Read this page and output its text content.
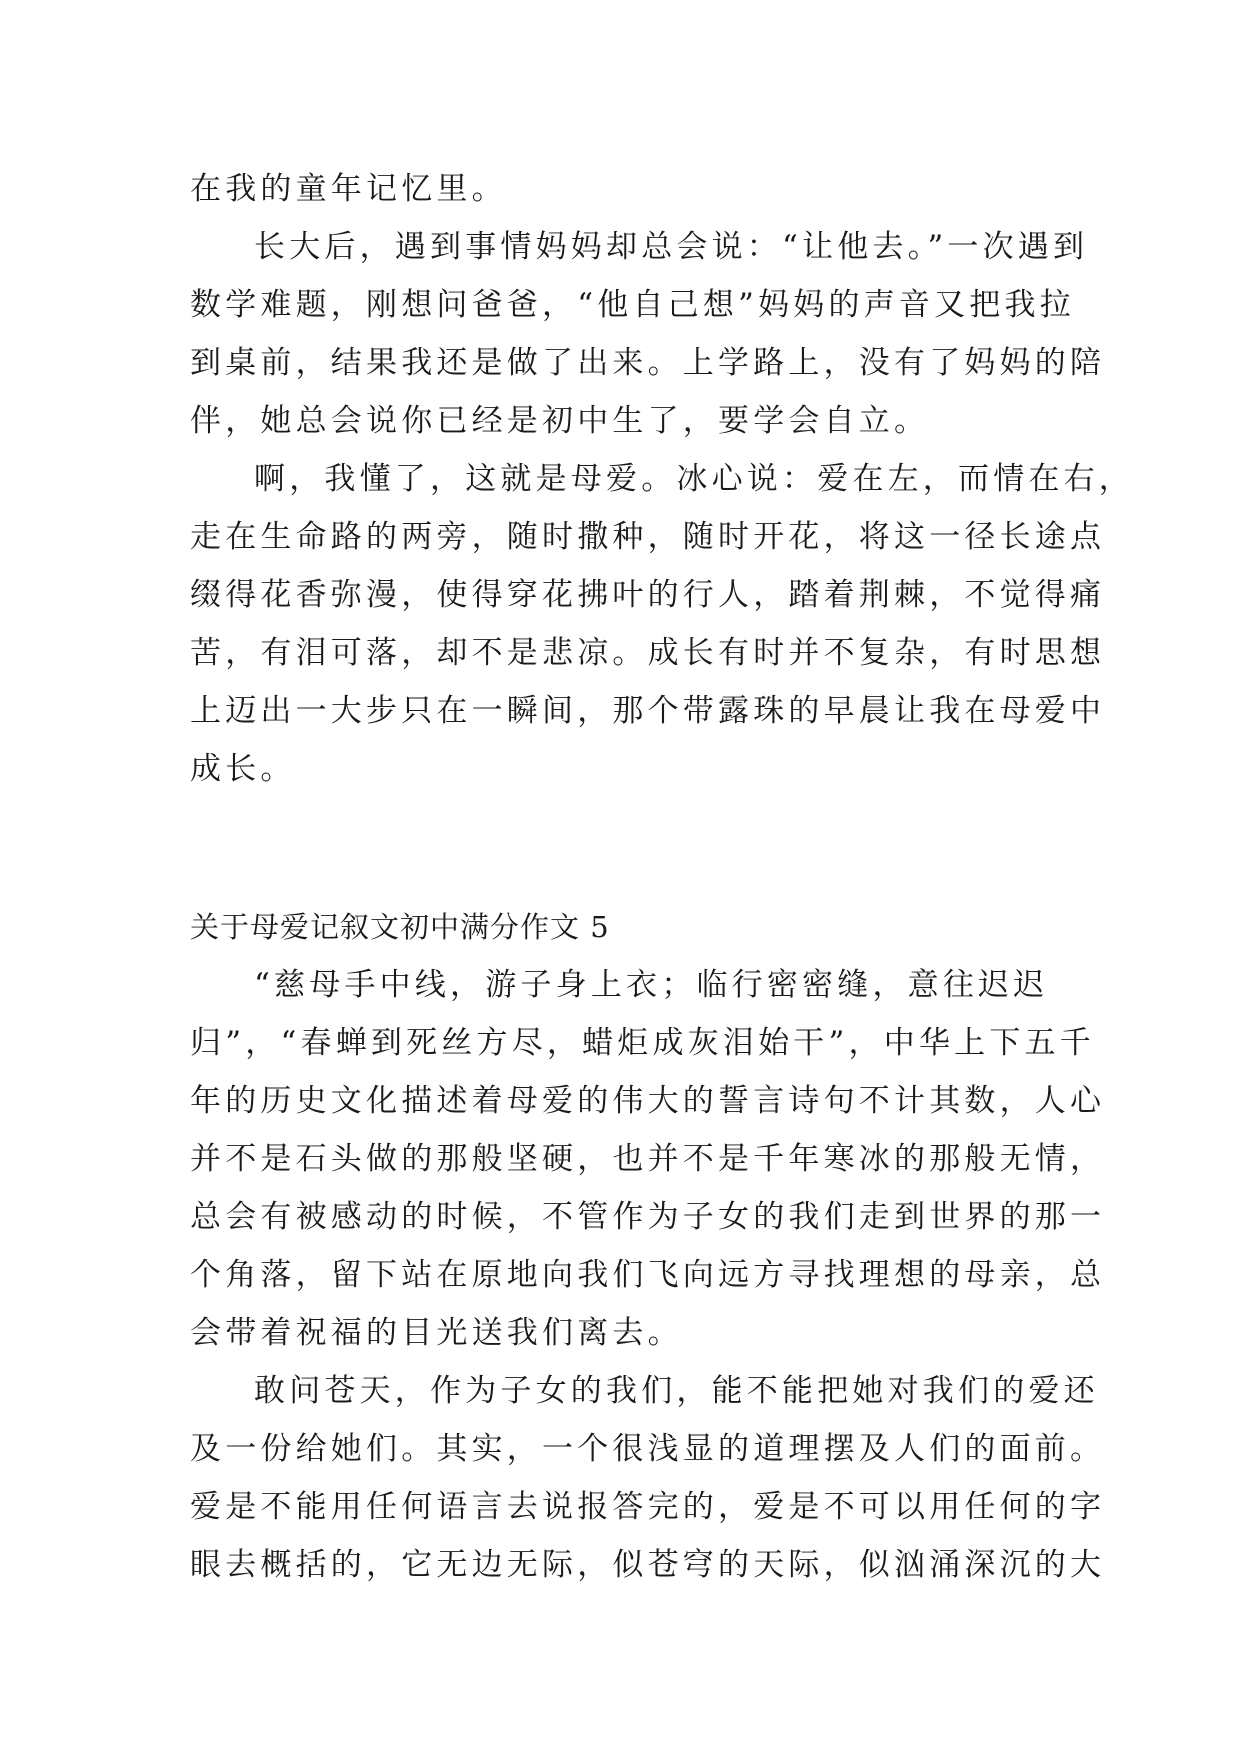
在我的童年记忆里。
长大后，遇到事情妈妈却总会说：“让他去。”一次遇到
数学难题，刚想问爸爸，“他自己想”妈妈的声音又把我拉
到桌前，结果我还是做了出来。上学路上，没有了妈妈的陪
伴，她总会说你已经是初中生了，要学会自立。
啊，我懂了，这就是母爱。冰心说：爱在左，而情在右，
走在生命路的两旁，随时撒种，随时开花，将这一径长途点
缀得花香弥漫，使得穿花拂叶的行人，踏着荆棘，不觉得痛
苦，有泪可落，却不是悲凉。成长有时并不复杂，有时思想
上迈出一大步只在一瞬间，那个带露珠的早晨让我在母爱中
成长。
关于母爱记叙文初中满分作文 5
“慈母手中线，游子身上衣；临行密密缝，意往迟迟
归”，“春蝉到死丝方尽，蜡炬成灰泪始干”，中华上下五千
年的历史文化描述着母爱的伟大的誓言诗句不计其数，人心
并不是石头做的那般坚硬，也并不是千年寒冰的那般无情，
总会有被感动的时候，不管作为子女的我们走到世界的那一
个角落，留下站在原地向我们飞向远方寻找理想的母亲，总
会带着祝福的目光送我们离去。
敢问苍天，作为子女的我们，能不能把她对我们的爱还
及一份给她们。其实，一个很浅显的道理摆及人们的面前。
爱是不能用任何语言去说报答完的，爱是不可以用任何的字
眼去概括的，它无边无际，似苍穹的天际，似汹涌深沉的大
